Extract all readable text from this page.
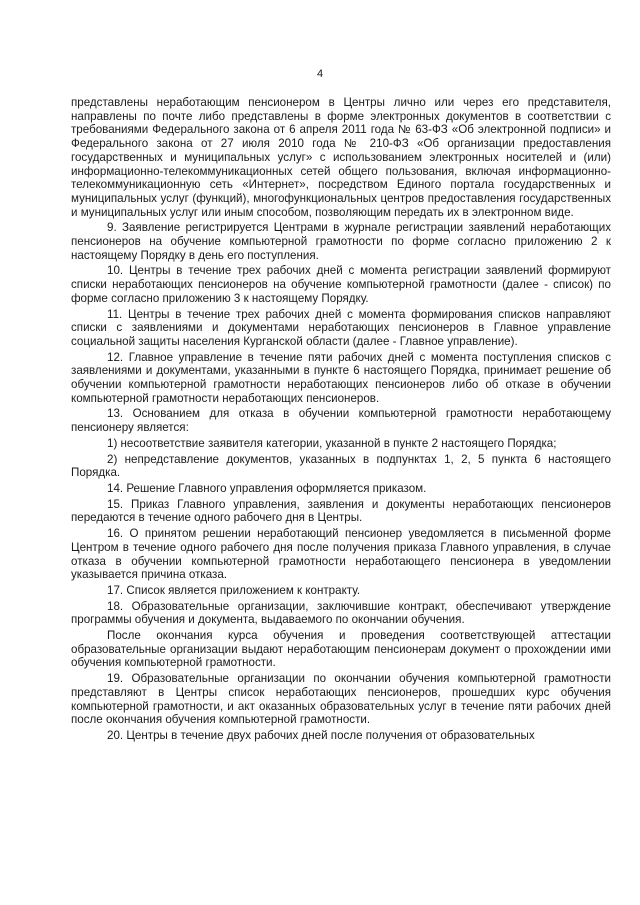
4

представлены неработающим пенсионером в Центры лично или через его представителя, направлены по почте либо представлены в форме электронных документов в соответствии с требованиями Федерального закона от 6 апреля 2011 года № 63-ФЗ «Об электронной подписи» и Федерального закона от 27 июля 2010 года № 210-ФЗ «Об организации предоставления государственных и муниципальных услуг» с использованием электронных носителей и (или) информационно-телекоммуникационных сетей общего пользования, включая информационно-телекоммуникационную сеть «Интернет», посредством Единого портала государственных и муниципальных услуг (функций), многофункциональных центров предоставления государственных и муниципальных услуг или иным способом, позволяющим передать их в электронном виде.

9. Заявление регистрируется Центрами в журнале регистрации заявлений неработающих пенсионеров на обучение компьютерной грамотности по форме согласно приложению 2 к настоящему Порядку в день его поступления.

10. Центры в течение трех рабочих дней с момента регистрации заявлений формируют списки неработающих пенсионеров на обучение компьютерной грамотности (далее - список) по форме согласно приложению 3 к настоящему Порядку.

11. Центры в течение трех рабочих дней с момента формирования списков направляют списки с заявлениями и документами неработающих пенсионеров в Главное управление социальной защиты населения Курганской области (далее - Главное управление).

12. Главное управление в течение пяти рабочих дней с момента поступления списков с заявлениями и документами, указанными в пункте 6 настоящего Порядка, принимает решение об обучении компьютерной грамотности неработающих пенсионеров либо об отказе в обучении компьютерной грамотности неработающих пенсионеров.

13. Основанием для отказа в обучении компьютерной грамотности неработающему пенсионеру является:

1) несоответствие заявителя категории, указанной в пункте 2 настоящего Порядка;

2) непредставление документов, указанных в подпунктах 1, 2, 5 пункта 6 настоящего Порядка.

14. Решение Главного управления оформляется приказом.

15. Приказ Главного управления, заявления и документы неработающих пенсионеров передаются в течение одного рабочего дня в Центры.

16. О принятом решении неработающий пенсионер уведомляется в письменной форме Центром в течение одного рабочего дня после получения приказа Главного управления, в случае отказа в обучении компьютерной грамотности неработающего пенсионера в уведомлении указывается причина отказа.

17. Список является приложением к контракту.

18. Образовательные организации, заключившие контракт, обеспечивают утверждение программы обучения и документа, выдаваемого по окончании обучения.

После окончания курса обучения и проведения соответствующей аттестации образовательные организации выдают неработающим пенсионерам документ о прохождении ими обучения компьютерной грамотности.

19. Образовательные организации по окончании обучения компьютерной грамотности представляют в Центры список неработающих пенсионеров, прошедших курс обучения компьютерной грамотности, и акт оказанных образовательных услуг в течение пяти рабочих дней после окончания обучения компьютерной грамотности.

20. Центры в течение двух рабочих дней после получения от образовательных
